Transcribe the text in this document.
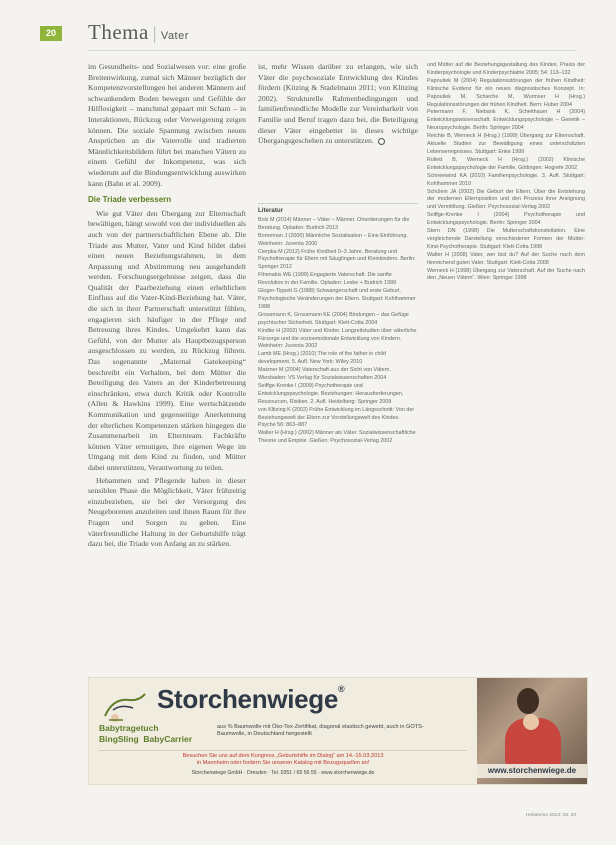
20 Thema | Vater

im Gesundheits- und Sozialwesen vor: eine große Breitenwirkung, zumal sich Männer bezüglich der Kompetenzvorstellungen bei anderen Männern auf schwankendem Boden bewegen und Gefühle der Hilflosigkeit – manchmal gepaart mit Scham – in Interaktionen, Rückzug oder Verweigerung zeigen können. Die soziale Spannung zwischen neuen Ansprüchen an die Vaterrolle und tradierten Männlichkeitsbildern führt bei manchen Vätern zu einem Gefühl der Inkompetenz, was sich wiederum auf die Bindungsentwicklung auswirken kann (Bahn et al. 2009).

Die Triade verbessern

Wie gut Väter den Übergang zur Elternschaft bewältigen, hängt sowohl von der individuellen als auch von der partnerschaftlichen Ebene ab. Die Triade aus Mutter, Vater und Kind bildet dabei einen neuen Beziehungsrahmen, in dem Anpassung und Abstimmung neu ausgehandelt werden. Forschungsergebnisse zeigen, dass die Qualität der Paarbeziehung einen erheblichen Einfluss auf die Vater-Kind-Beziehung hat. Väter, die sich in ihrer Partnerschaft unterstützt fühlen, engagieren sich häufiger in der Pflege und Betreuung ihres Kindes. Umgekehrt kann das Gefühl, von der Mutter als Hauptbezugsperson ausgeschlossen zu werden, zu Rückzug führen. Das sogenannte „Maternal Gatekeeping“ beschreibt ein Verhalten, bei dem Mütter die Beteiligung des Vaters an der Kinderbetreuung einschränken, etwa durch Kritik oder Kontrolle (Allen & Hawkins 1999). Eine wertschätzende Kommunikation und gegenseitige Anerkennung der elterlichen Kompetenzen stärken hingegen die Zusammenarbeit im Elternteam. Fachkräfte können Väter ermutigen, ihre eigenen Wege im Umgang mit dem Kind zu finden, und Mütter dabei unterstützen, Verantwortung zu teilen.

Hebammen und Pflegende haben in dieser sensiblen Phase die Möglichkeit, Väter frühzeitig einzubeziehen, sie bei der Versorgung des Neugeborenen anzuleiten und ihnen Raum für ihre Fragen und Sorgen zu geben. Eine väterfreundliche Haltung in der Geburtshilfe trägt dazu bei, die Triade von Anfang an zu stärken.

ist, mehr Wissen darüber zu erlangen, wie sich Väter die psychosoziale Entwicklung des Kindes fördern (Kitzing & Stadelmann 2011; von Klitzing 2002). Strukturelle Rahmenbedingungen und familienfreundliche Modelle zur Vereinbarkeit von Familie und Beruf tragen dazu bei, die Beteiligung dieser Väter eingebettet in dieses wichtige Übergangsgeschehen zu unterstützen.

Literatur
Bolz M (2014) Männer – Väter – Männer. Orientierungen für die Beratung. Opladen: Budrich 2013
Borneman J (2000) Männliche Sozialisation – Eine Einführung. Weinheim: Juventa 2000
Cierpka M (2012) Frühe Kindheit 0–3 Jahre. Beratung und Psychotherapie für Eltern mit Säuglingen und Kleinkindern. Berlin: Springer 2012
Fthenakis WE (1999) Engagierte Vaterschaft. Die sanfte Revolution in der Familie. Opladen: Leske + Budrich 1999
Gloger-Tippelt G (1988) Schwangerschaft und erste Geburt. Psychologische Veränderungen der Eltern. Stuttgart: Kohlhammer 1988
Grossmann K, Grossmann KE (2004) Bindungen – das Gefüge psychischer Sicherheit. Stuttgart: Klett-Cotta 2004
Kindler H (2002) Väter und Kinder. Langzeitstudien über väterliche Fürsorge und die sozioemotionale Entwicklung von Kindern. Weinheim: Juventa 2002
Lamb ME (Hrsg.) (2010) The role of the father in child development. 5. Aufl. New York: Wiley 2010
Matzner M (2004) Vaterschaft aus der Sicht von Vätern. Wiesbaden: VS Verlag für Sozialwissenschaften 2004
Seiffge-Krenke I (2009) Psychotherapie und Entwicklungspsychologie. Beziehungen: Herausforderungen, Ressourcen, Risiken. 2. Aufl. Heidelberg: Springer 2009
von Klitzing K (2002) Frühe Entwicklung im Längsschnitt: Von der Beziehungswelt der Eltern zur Vorstellungswelt des Kindes. Psyche 56: 863–887
Walter H (Hrsg.) (2002) Männer als Väter. Sozialwissenschaftliche Theorie und Empirie. Gießen: Psychosozial-Verlag 2002
und Mütter auf die Beziehungsgestaltung des Kindes. Praxis der Kinderpsychologie und Kinderpsychiatrie 2005; 54: 113–132
Papoušek M (2004) Regulationsstörungen der frühen Kindheit: Klinische Evidenz für ein neues diagnostisches Konzept. In: Papoušek M, Schieche M, Wurmser H (Hrsg.) Regulationsstörungen der frühen Kindheit. Bern: Huber 2004
Petermann F, Niebank K, Scheithauer H (2004) Entwicklungswissenschaft. Entwicklungspsychologie – Genetik – Neuropsychologie. Berlin: Springer 2004
Reichle B, Werneck H (Hrsg.) (1999) Übergang zur Elternschaft. Aktuelle Studien zur Bewältigung eines unterschätzten Lebensereignisses. Stuttgart: Enke 1999
Rollett B, Werneck H (Hrsg.) (2002) Klinische Entwicklungspsychologie der Familie. Göttingen: Hogrefe 2002
Schneewind KA (2010) Familienpsychologie. 3. Aufl. Stuttgart: Kohlhammer 2010
Schülein JA (2002) Die Geburt der Eltern. Über die Entstehung der modernen Elternposition und den Prozess ihrer Aneignung und Vermittlung. Gießen: Psychosozial-Verlag 2002
Seiffge-Krenke I (2004) Psychotherapie und Entwicklungspsychologie. Berlin: Springer 2004
Stern DN (1998) Die Mutterschaftskonstellation. Eine vergleichende Darstellung verschiedener Formen der Mutter-Kind-Psychotherapie. Stuttgart: Klett-Cotta 1998
Walter H (2008) Vater, wer bist du? Auf der Suche nach dem hinreichend guten Vater. Stuttgart: Klett-Cotta 2008
Werneck H (1998) Übergang zur Vaterschaft. Auf der Suche nach den „Neuen Vätern“. Wien: Springer 1998
Storchenwiege®
Babytragetuch
BingSling BabyCarrier
aus % Baumwolle mit Öko-Tex-Zertifikat, diagonal elastisch gewebt, auch in GOTS-Baumwolle, in Deutschland hergestellt
Besuchen Sie uns auf dem Kongress „Geburtshilfe im Dialog“ am 14.-15.03.2013
in Mannheim oder fordern Sie unseren Katalog mit Bezugsquellen an!
Storchenwiege GmbH · Dresden · Tel. 0351 / 65 56 55 · www.storchenwiege.de	www.storchenwiege.de
Hebamme 2013; 26: 20
